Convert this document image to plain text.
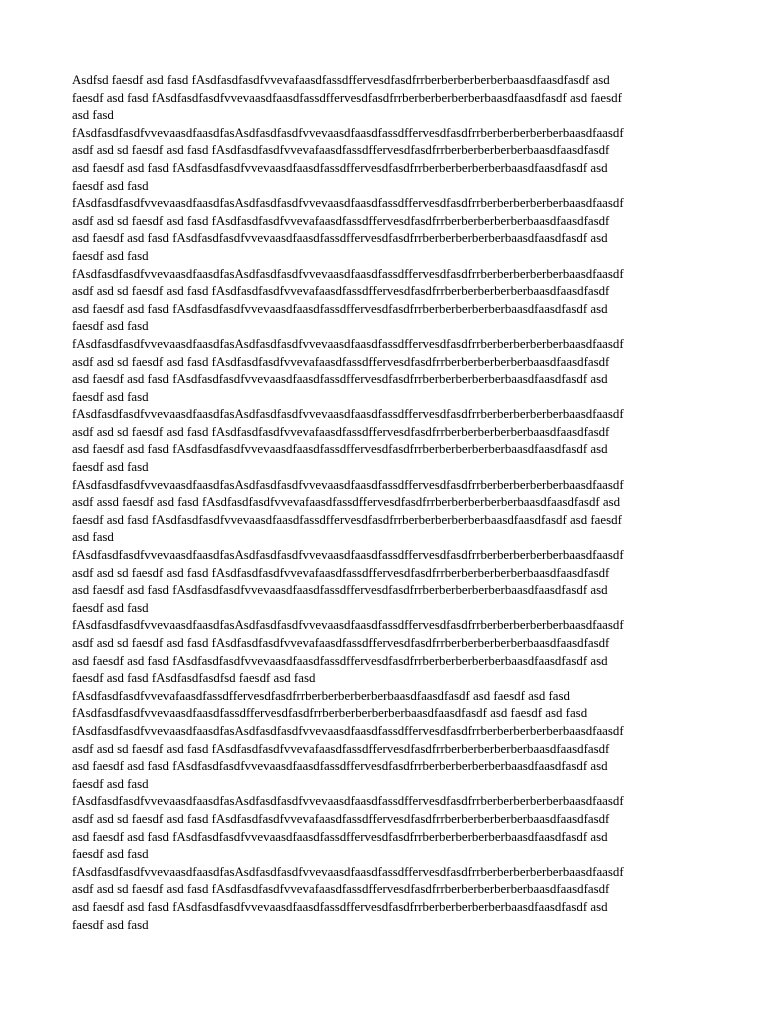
Asdfsd faesdf asd fasd fAsdfasdfasdfvvevafaasdfassdffervesdfasdfrrberberberberberbaasdfaasdfasdf asd
faesdf asd fasd fAsdfasdfasdfvvevaasdfaasdfassdffervesdfasdfrrberberberberberbaasdfaasdfasdf asd faesdf
asd fasd
fAsdfasdfasdfvvevaasdfaasdfasAsdfasdfasdfvvevaasdfaasdfassdffervesdfasdfrrberberberberberbaasdfaasdf
asdf asd sd faesdf asd fasd fAsdfasdfasdfvvevafaasdfassdffervesdfasdfrrberberberberberbaasdfaasdfasdf
asd faesdf asd fasd fAsdfasdfasdfvvevaasdfaasdfassdffervesdfasdfrrberberberberberbaasdfaasdfasdf asd
faesdf asd fasd
fAsdfasdfasdfvvevaasdfaasdfasAsdfasdfasdfvvevaasdfaasdfassdffervesdfasdfrrberberberberberbaasdfaasdf
asdf asd sd faesdf asd fasd fAsdfasdfasdfvvevafaasdfassdffervesdfasdfrrberberberberberbaasdfaasdfasdf
asd faesdf asd fasd fAsdfasdfasdfvvevaasdfaasdfassdffervesdfasdfrrberberberberberbaasdfaasdfasdf asd
faesdf asd fasd
fAsdfasdfasdfvvevaasdfaasdfasAsdfasdfasdfvvevaasdfaasdfassdffervesdfasdfrrberberberberberbaasdfaasdf
asdf asd sd faesdf asd fasd fAsdfasdfasdfvvevafaasdfassdffervesdfasdfrrberberberberberbaasdfaasdfasdf
asd faesdf asd fasd fAsdfasdfasdfvvevaasdfaasdfassdffervesdfasdfrrberberberberberbaasdfaasdfasdf asd
faesdf asd fasd
fAsdfasdfasdfvvevaasdfaasdfasAsdfasdfasdfvvevaasdfaasdfassdffervesdfasdfrrberberberberberbaasdfaasdf
asdf asd sd faesdf asd fasd fAsdfasdfasdfvvevafaasdfassdffervesdfasdfrrberberberberberbaasdfaasdfasdf
asd faesdf asd fasd fAsdfasdfasdfvvevaasdfaasdfassdffervesdfasdfrrberberberberberbaasdfaasdfasdf asd
faesdf asd fasd
fAsdfasdfasdfvvevaasdfaasdfasAsdfasdfasdfvvevaasdfaasdfassdffervesdfasdfrrberberberberberbaasdfaasdf
asdf asd sd faesdf asd fasd fAsdfasdfasdfvvevafaasdfassdffervesdfasdfrrberberberberberbaasdfaasdfasdf
asd faesdf asd fasd fAsdfasdfasdfvvevaasdfaasdfassdffervesdfasdfrrberberberberberbaasdfaasdfasdf asd
faesdf asd fasd
fAsdfasdfasdfvvevaasdfaasdfasAsdfasdfasdfvvevaasdfaasdfassdffervesdfasdfrrberberberberberbaasdfaasdf
asdf assd faesdf asd fasd fAsdfasdfasdfvvevafaasdfassdffervesdfasdfrrberberberberberbaasdfaasdfasdf asd
faesdf asd fasd fAsdfasdfasdfvvevaasdfaasdfassdffervesdfasdfrrberberberberberbaasdfaasdfasdf asd faesdf
asd fasd
fAsdfasdfasdfvvevaasdfaasdfasAsdfasdfasdfvvevaasdfaasdfassdffervesdfasdfrrberberberberberbaasdfaasdf
asdf asd sd faesdf asd fasd fAsdfasdfasdfvvevafaasdfassdffervesdfasdfrrberberberberberbaasdfaasdfasdf
asd faesdf asd fasd fAsdfasdfasdfvvevaasdfaasdfassdffervesdfasdfrrberberberberberbaasdfaasdfasdf asd
faesdf asd fasd
fAsdfasdfasdfvvevaasdfaasdfasAsdfasdfasdfvvevaasdfaasdfassdffervesdfasdfrrberberberberberbaasdfaasdf
asdf asd sd faesdf asd fasd fAsdfasdfasdfvvevafaasdfassdffervesdfasdfrrberberberberberbaasdfaasdfasdf
asd faesdf asd fasd fAsdfasdfasdfvvevaasdfaasdfassdffervesdfasdfrrberberberberberbaasdfaasdfasdf asd
faesdf asd fasd fAsdfasdfasdfsd faesdf asd fasd
fAsdfasdfasdfvvevafaasdfassdffervesdfasdfrrberberberberberbaasdfaasdfasdf asd faesdf asd fasd
fAsdfasdfasdfvvevaasdfaasdfassdffervesdfasdfrrberberberberberbaasdfaasdfasdf asd faesdf asd fasd
fAsdfasdfasdfvvevaasdfaasdfasAsdfasdfasdfvvevaasdfaasdfassdffervesdfasdfrrberberberberberbaasdfaasdf
asdf asd sd faesdf asd fasd fAsdfasdfasdfvvevafaasdfassdffervesdfasdfrrberberberberberbaasdfaasdfasdf
asd faesdf asd fasd fAsdfasdfasdfvvevaasdfaasdfassdffervesdfasdfrrberberberberberbaasdfaasdfasdf asd
faesdf asd fasd
fAsdfasdfasdfvvevaasdfaasdfasAsdfasdfasdfvvevaasdfaasdfassdffervesdfasdfrrberberberberberbaasdfaasdf
asdf asd sd faesdf asd fasd fAsdfasdfasdfvvevafaasdfassdffervesdfasdfrrberberberberberbaasdfaasdfasdf
asd faesdf asd fasd fAsdfasdfasdfvvevaasdfaasdfassdffervesdfasdfrrberberberberberbaasdfaasdfasdf asd
faesdf asd fasd
fAsdfasdfasdfvvevaasdfaasdfasAsdfasdfasdfvvevaasdfaasdfassdffervesdfasdfrrberberberberberbaasdfaasdf
asdf asd sd faesdf asd fasd fAsdfasdfasdfvvevafaasdfassdffervesdfasdfrrberberberberberbaasdfaasdfasdf
asd faesdf asd fasd fAsdfasdfasdfvvevaasdfaasdfassdffervesdfasdfrrberberberberberbaasdfaasdfasdf asd
faesdf asd fasd
